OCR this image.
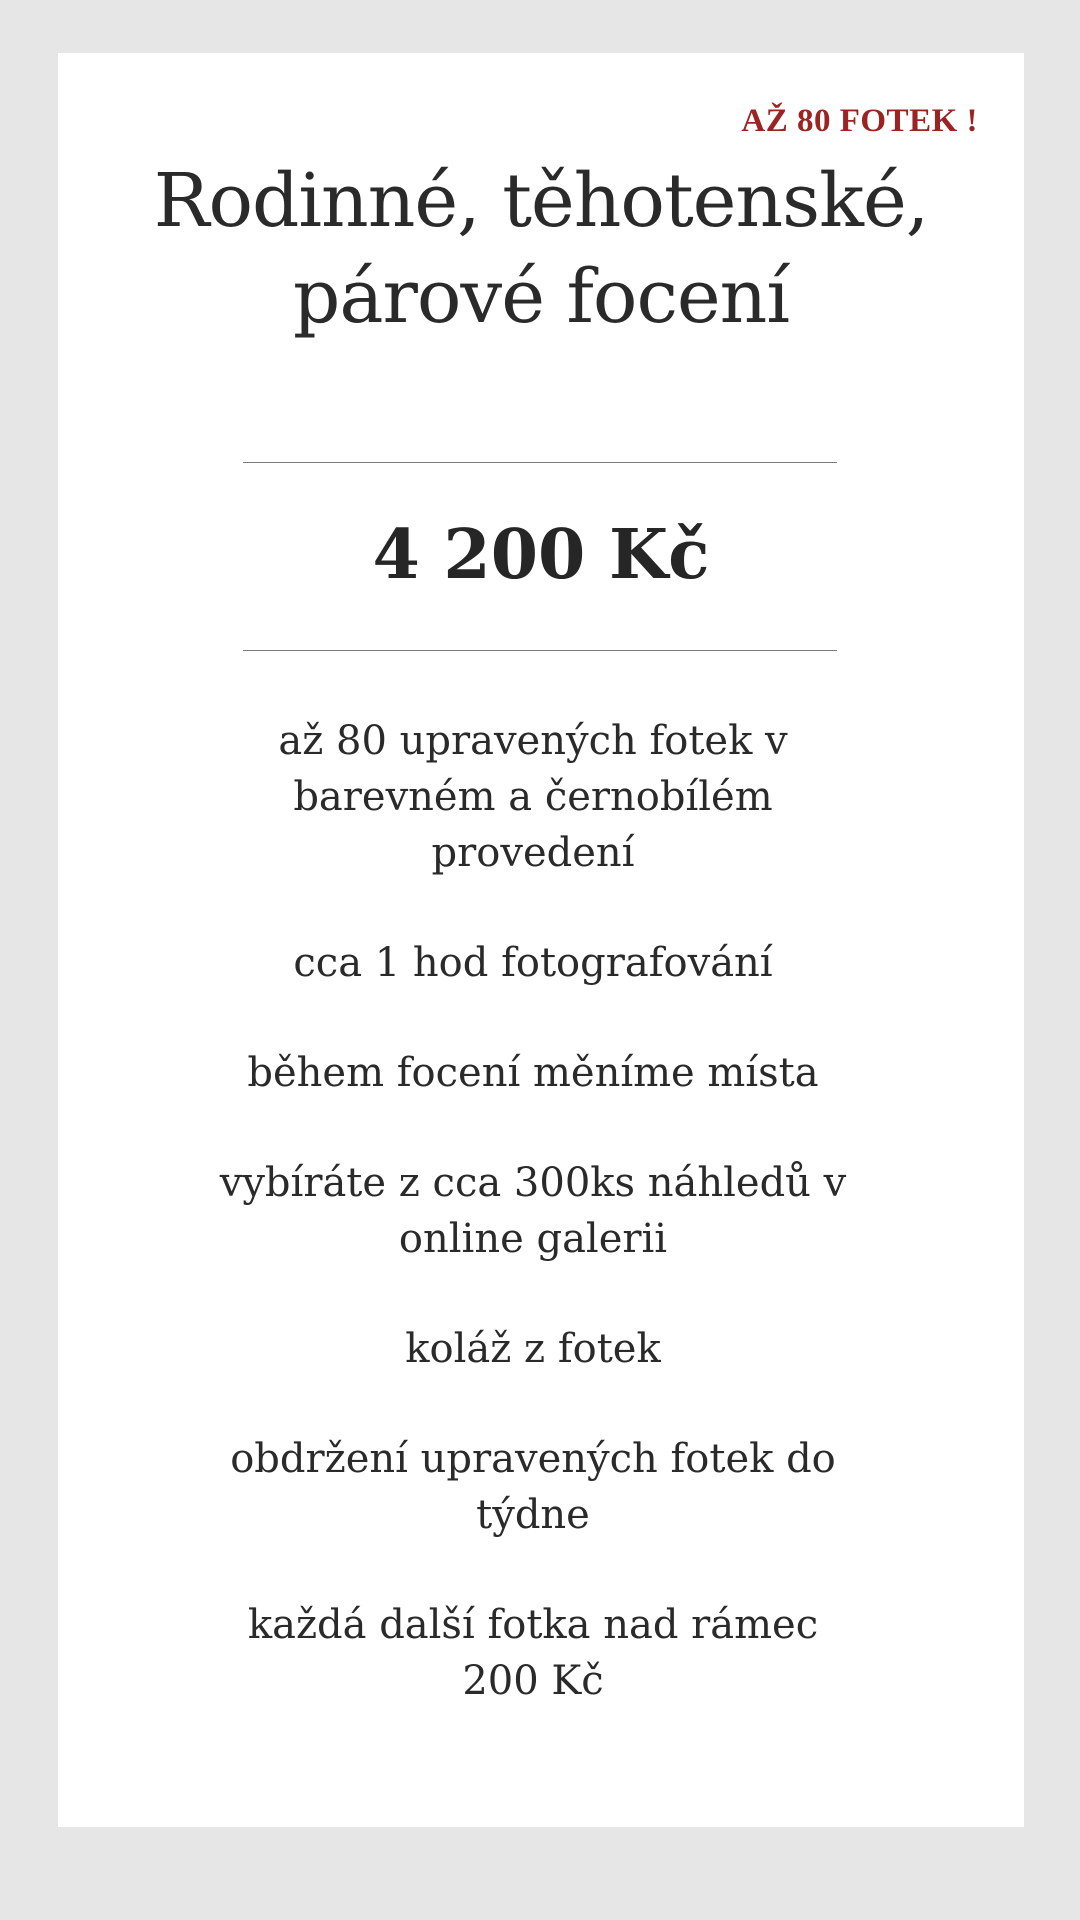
AŽ 80 FOTEK !

Rodinné, těhotenské, párové focení

4 200 Kč

až 80 upravených fotek v barevném a černobílém provedení
cca 1 hod fotografování
během focení měníme místa
vybíráte z cca 300ks náhledů v online galerii
koláž z fotek
obdržení upravených fotek do týdne
každá další fotka nad rámec 200 Kč
